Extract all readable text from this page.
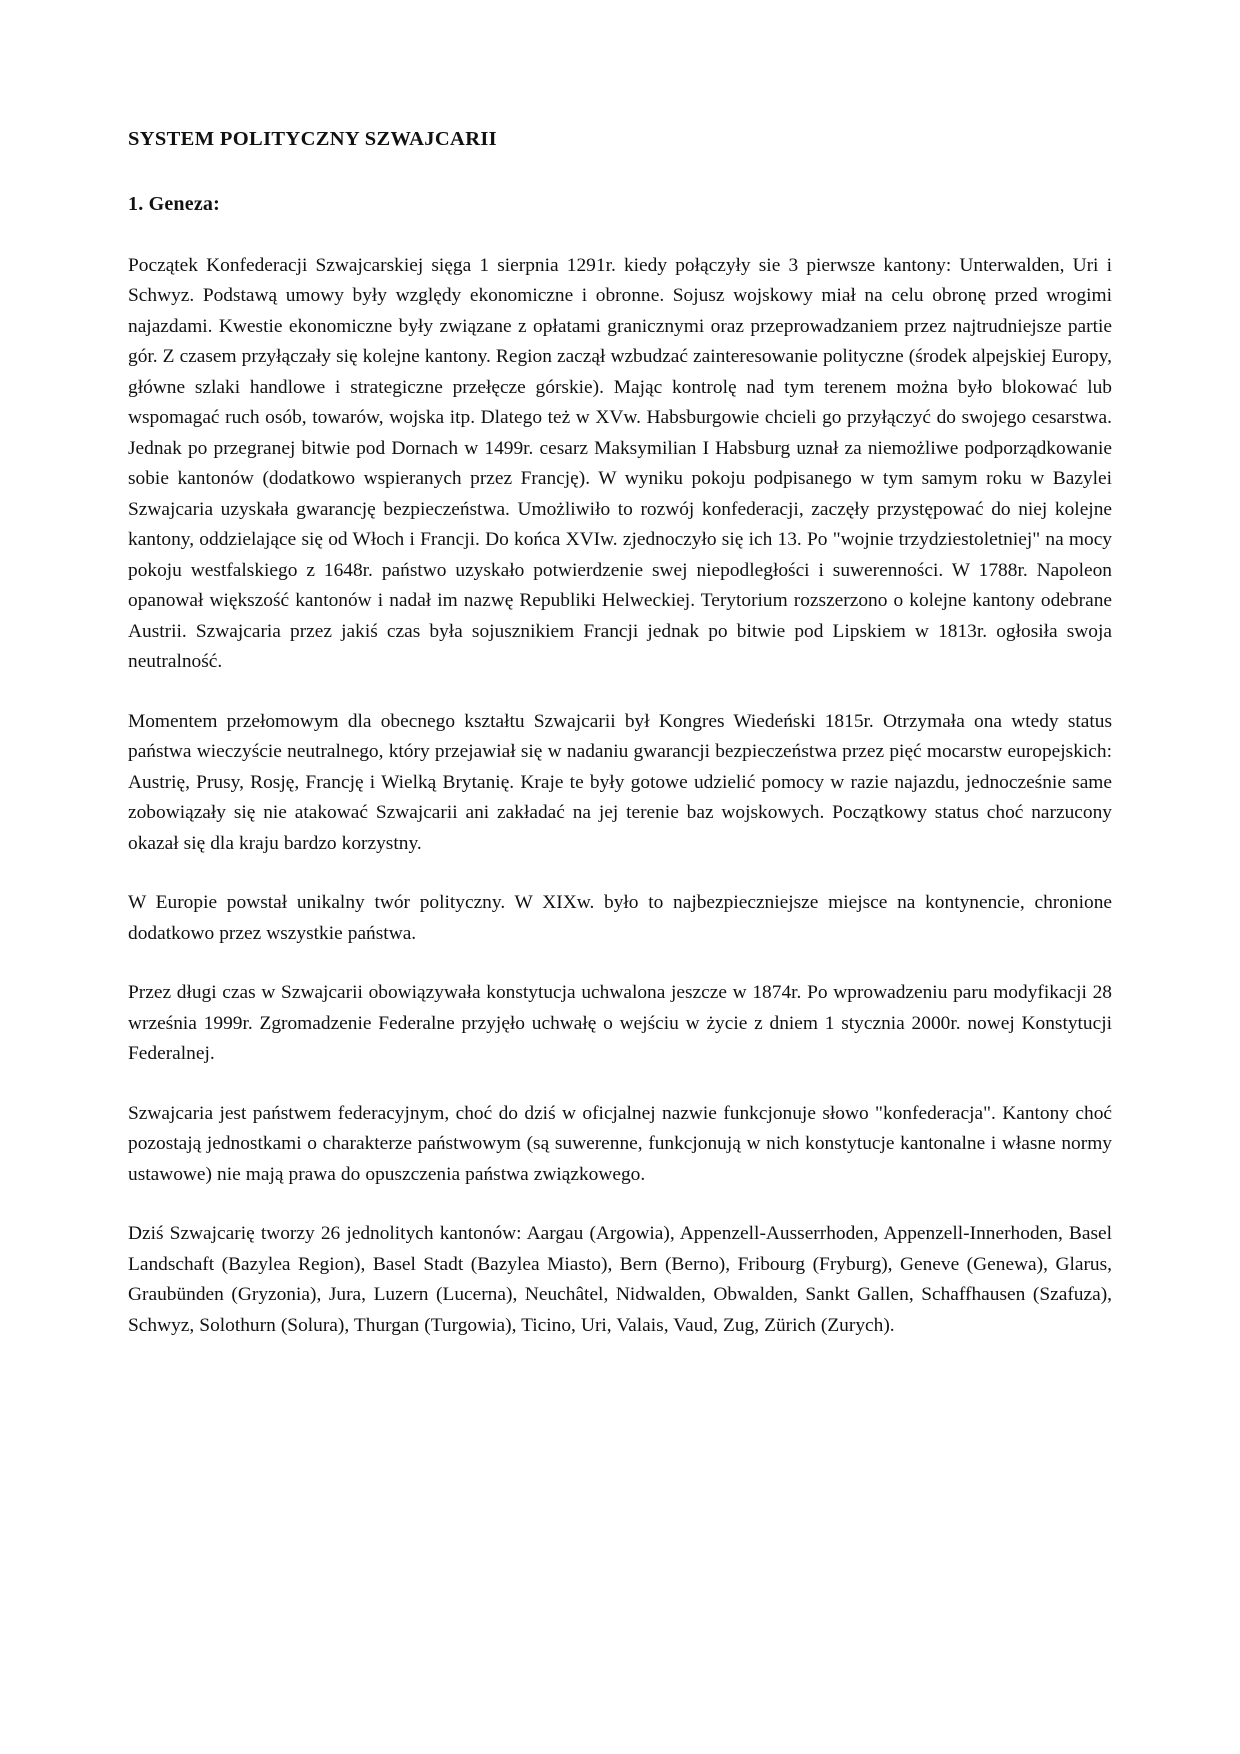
SYSTEM POLITYCZNY SZWAJCARII
1. Geneza:

Początek Konfederacji Szwajcarskiej sięga 1 sierpnia 1291r. kiedy połączyły sie 3 pierwsze kantony: Unterwalden, Uri i Schwyz. Podstawą umowy były względy ekonomiczne i obronne. Sojusz wojskowy miał na celu obronę przed wrogimi najazdami. Kwestie ekonomiczne były związane z opłatami granicznymi oraz przeprowadzaniem przez najtrudniejsze partie gór. Z czasem przyłączały się kolejne kantony. Region zaczął wzbudzać zainteresowanie polityczne (środek alpejskiej Europy, główne szlaki handlowe i strategiczne przełęcze górskie). Mając kontrolę nad tym terenem można było blokować lub wspomagać ruch osób, towarów, wojska itp. Dlatego też w XVw. Habsburgowie chcieli go przyłączyć do swojego cesarstwa. Jednak po przegranej bitwie pod Dornach w 1499r. cesarz Maksymilian I Habsburg uznał za niemożliwe podporządkowanie sobie kantonów (dodatkowo wspieranych przez Francję). W wyniku pokoju podpisanego w tym samym roku w Bazylei Szwajcaria uzyskała gwarancję bezpieczeństwa. Umożliwiło to rozwój konfederacji, zaczęły przystępować do niej kolejne kantony, oddzielające się od Włoch i Francji. Do końca XVIw. zjednoczyło się ich 13. Po "wojnie trzydziestoletniej" na mocy pokoju westfalskiego z 1648r. państwo uzyskało potwierdzenie swej niepodległości i suwerenności. W 1788r. Napoleon opanował większość kantonów i nadał im nazwę Republiki Helweckiej. Terytorium rozszerzono o kolejne kantony odebrane Austrii. Szwajcaria przez jakiś czas była sojusznikiem Francji jednak po bitwie pod Lipskiem w 1813r. ogłosiła swoja neutralność.

Momentem przełomowym dla obecnego kształtu Szwajcarii był Kongres Wiedeński 1815r. Otrzymała ona wtedy status państwa wieczyście neutralnego, który przejawiał się w nadaniu gwarancji bezpieczeństwa przez pięć mocarstw europejskich: Austrię, Prusy, Rosję, Francję i Wielką Brytanię. Kraje te były gotowe udzielić pomocy w razie najazdu, jednocześnie same zobowiązały się nie atakować Szwajcarii ani zakładać na jej terenie baz wojskowych. Początkowy status choć narzucony okazał się dla kraju bardzo korzystny.

W Europie powstał unikalny twór polityczny. W XIXw. było to najbezpieczniejsze miejsce na kontynencie, chronione dodatkowo przez wszystkie państwa.

Przez długi czas w Szwajcarii obowiązywała konstytucja uchwalona jeszcze w 1874r. Po wprowadzeniu paru modyfikacji 28 września 1999r. Zgromadzenie Federalne przyjęło uchwałę o wejściu w życie z dniem 1 stycznia 2000r. nowej Konstytucji Federalnej.

Szwajcaria jest państwem federacyjnym, choć do dziś w oficjalnej nazwie funkcjonuje słowo "konfederacja". Kantony choć pozostają jednostkami o charakterze państwowym (są suwerenne, funkcjonują w nich konstytucje kantonalne i własne normy ustawowe) nie mają prawa do opuszczenia państwa związkowego.

Dziś Szwajcarię tworzy 26 jednolitych kantonów: Aargau (Argowia), Appenzell-Ausserrhoden, Appenzell-Innerhoden, Basel Landschaft (Bazylea Region), Basel Stadt (Bazylea Miasto), Bern (Berno), Fribourg (Fryburg), Geneve (Genewa), Glarus, Graubünden (Gryzonia), Jura, Luzern (Lucerna), Neuchâtel, Nidwalden, Obwalden, Sankt Gallen, Schaffhausen (Szafuza), Schwyz, Solothurn (Solura), Thurgan (Turgowia), Ticino, Uri, Valais, Vaud, Zug, Zürich (Zurych).
